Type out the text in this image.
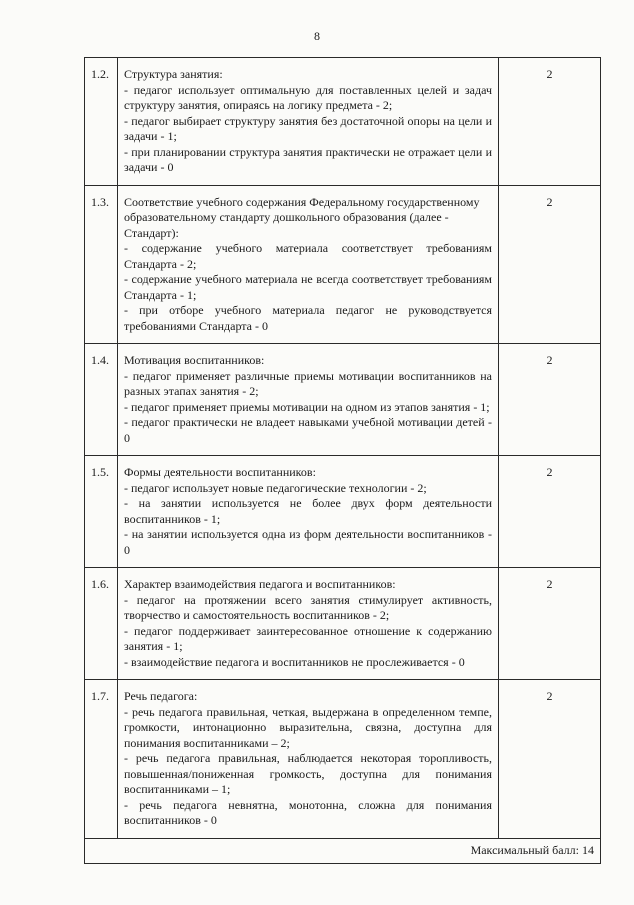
8
1.2.	Структура занятия:
- педагог использует оптимальную для поставленных целей и задач структуру занятия, опираясь на логику предмета - 2;
- педагог выбирает структуру занятия без достаточной опоры на цели и задачи - 1;
- при планировании структура занятия практически не отражает цели и задачи - 0	2
1.3.	Соответствие учебного содержания Федеральному государственному образовательному стандарту дошкольного образования (далее - Стандарт):
- содержание учебного материала соответствует требованиям Стандарта - 2;
- содержание учебного материала не всегда соответствует требованиям Стандарта - 1;
- при отборе учебного материала педагог не руководствуется требованиями Стандарта - 0	2
1.4.	Мотивация воспитанников:
- педагог применяет различные приемы мотивации воспитанников на разных этапах занятия - 2;
- педагог применяет приемы мотивации на одном из этапов занятия - 1;
- педагог практически не владеет навыками учебной мотивации детей - 0	2
1.5.	Формы деятельности воспитанников:
- педагог использует новые педагогические технологии - 2;
- на занятии используется не более двух форм деятельности воспитанников - 1;
- на занятии используется одна из форм деятельности воспитанников - 0	2
1.6.	Характер взаимодействия педагога и воспитанников:
- педагог на протяжении всего занятия стимулирует активность, творчество и самостоятельность воспитанников - 2;
- педагог поддерживает заинтересованное отношение к содержанию занятия - 1;
- взаимодействие педагога и воспитанников не прослеживается - 0	2
1.7.	Речь педагога:
- речь педагога правильная, четкая, выдержана в определенном темпе, громкости, интонационно выразительна, связна, доступна для понимания воспитанниками – 2;
- речь педагога правильная, наблюдается некоторая торопливость, повышенная/пониженная громкость, доступна для понимания воспитанниками – 1;
- речь педагога невнятна, монотонна, сложна для понимания воспитанников - 0	2
Максимальный балл: 14		
